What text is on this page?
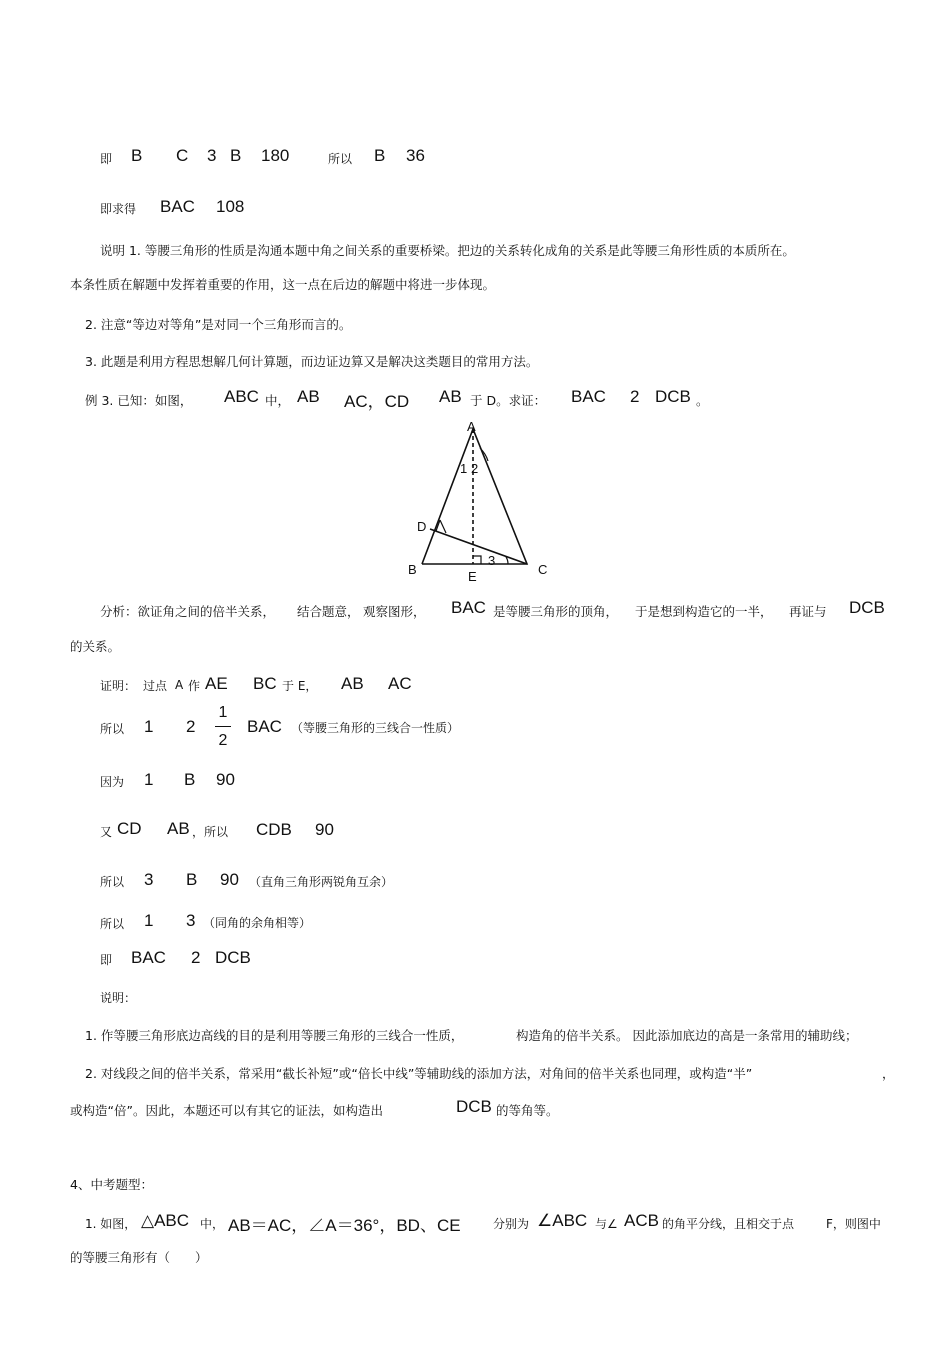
即 B C 3 B 180	所以 B 36
即求得 BAC 108
说明 1. 等腰三角形的性质是沟通本题中角之间关系的重要桥梁。把边的关系转化成角的关系是此等腰三角形性质的本质所在。
本条性质在解题中发挥着重要的作用，这一点在后边的解题中将进一步体现。
2. 注意“等边对等角”是对同一个三角形而言的。
3. 此题是利用方程思想解几何计算题，而边证边算又是解决这类题目的常用方法。
例 3. 已知：如图， ABC 中， AB AC，CD AB 于 D。求证： BAC 2 DCB 。
A
1 2
D
3
B	E	C
分析：欲证角之间的倍半关系， 结合题意， 观察图形， BAC 是等腰三角形的顶角， 于是想到构造它的一半， 再证与 DCB
的关系。
证明： 过点 A 作 AE BC 于 E， AB AC
所以 1 2
1
2
BAC （等腰三角形的三线合一性质）
因为 1 B 90
又 CD AB ，所以 CDB 90
所以 3 B 90 （直角三角形两锐角互余）
所以 1 3 （同角的余角相等）
即 BAC 2 DCB
说明：
1. 作等腰三角形底边高线的目的是利用等腰三角形的三线合一性质，	构造角的倍半关系。 因此添加底边的高是一条常用的辅助线；
2. 对线段之间的倍半关系，常采用“截长补短”或“倍长中线”等辅助线的添加方法，对角间的倍半关系也同理，或构造“半”	，
或构造“倍”。因此，本题还可以有其它的证法，如构造出	DCB 的等角等。
4、中考题型：
1. 如图， △ABC 中， AB＝AC，∠A＝36°，BD、CE	分别为 ∠ABC 与∠ ACB 的角平分线，且相交于点	F，则图中
的等腰三角形有（　　）
